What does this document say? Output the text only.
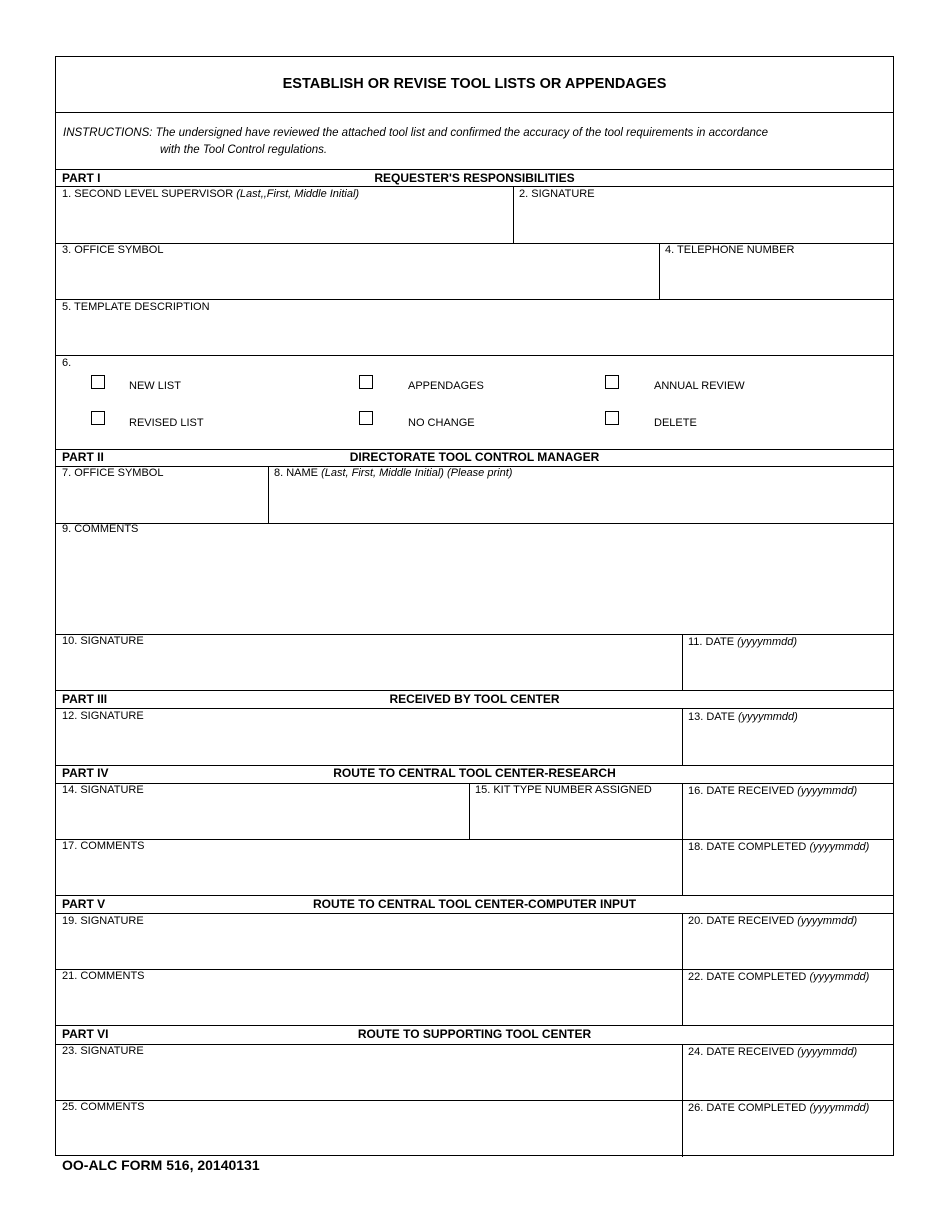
ESTABLISH OR REVISE TOOL LISTS OR APPENDAGES
INSTRUCTIONS: The undersigned have reviewed the attached tool list and confirmed the accuracy of the tool requirements in accordance
with the Tool Control regulations.
PART I	REQUESTER'S RESPONSIBILITIES
1. SECOND LEVEL SUPERVISOR (Last,,First, Middle Initial)	2. SIGNATURE
3. OFFICE SYMBOL	4. TELEPHONE NUMBER
5. TEMPLATE DESCRIPTION
6.
NEW LIST	APPENDAGES	ANNUAL REVIEW
REVISED LIST	NO CHANGE	DELETE
PART II	DIRECTORATE TOOL CONTROL MANAGER
7. OFFICE SYMBOL	8. NAME (Last, First, Middle Initial) (Please print)
9. COMMENTS
10. SIGNATURE	11. DATE (yyyymmdd)
PART III	RECEIVED BY TOOL CENTER
12. SIGNATURE	13. DATE (yyyymmdd)
PART IV	ROUTE TO CENTRAL TOOL CENTER-RESEARCH
14. SIGNATURE	15. KIT TYPE NUMBER ASSIGNED	16. DATE RECEIVED (yyyymmdd)
17. COMMENTS	18. DATE COMPLETED (yyyymmdd)
PART V	ROUTE TO CENTRAL TOOL CENTER-COMPUTER INPUT
19. SIGNATURE	20. DATE RECEIVED (yyyymmdd)
21. COMMENTS	22. DATE COMPLETED (yyyymmdd)
PART VI	ROUTE TO SUPPORTING TOOL CENTER
23. SIGNATURE	24. DATE RECEIVED (yyyymmdd)
25. COMMENTS	26. DATE COMPLETED (yyyymmdd)
OO-ALC FORM 516, 20140131
